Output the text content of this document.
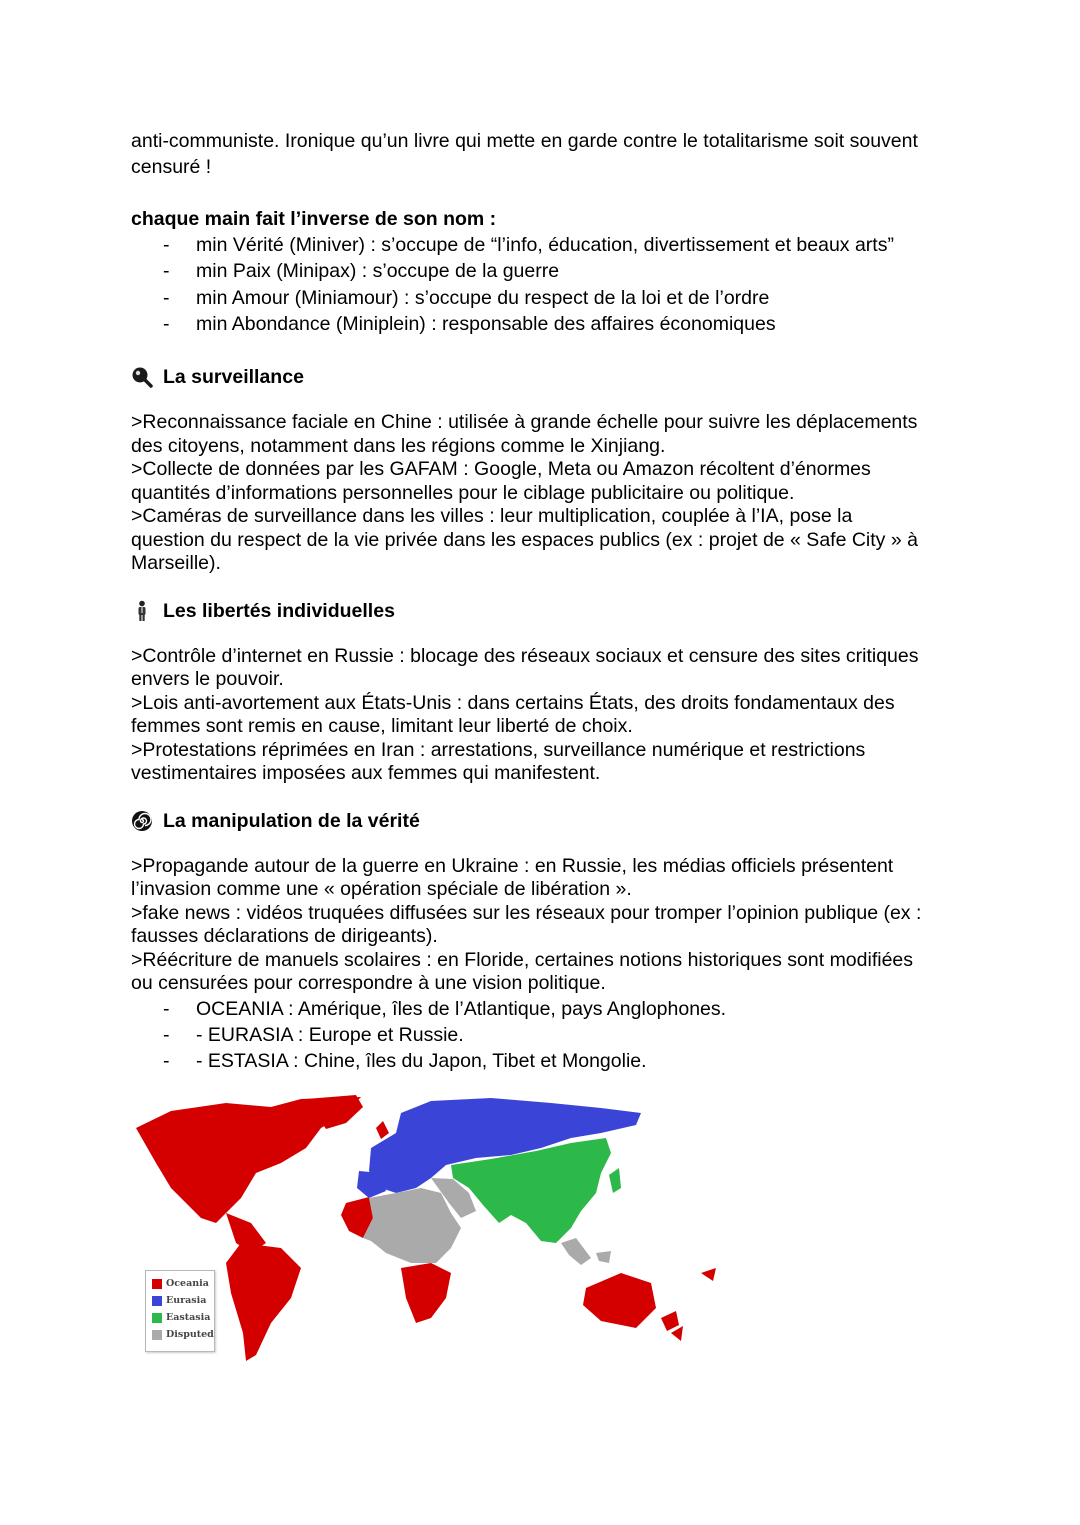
anti-communiste. Ironique qu’un livre qui mette en garde contre le totalitarisme soit souvent

censuré !

chaque main fait l’inverse de son nom :

- min Vérité (Miniver) : s’occupe de “l’info, éducation, divertissement et beaux arts”
- min Paix (Minipax) : s’occupe de la guerre
- min Amour (Miniamour) : s’occupe du respect de la loi et de l’ordre
- min Abondance (Miniplein) : responsable des affaires économiques
La surveillance

>Reconnaissance faciale en Chine : utilisée à grande échelle pour suivre les déplacements

des citoyens, notamment dans les régions comme le Xinjiang.

>Collecte de données par les GAFAM : Google, Meta ou Amazon récoltent d’énormes

quantités d’informations personnelles pour le ciblage publicitaire ou politique.

>Caméras de surveillance dans les villes : leur multiplication, couplée à l’IA, pose la

question du respect de la vie privée dans les espaces publics (ex : projet de « Safe City » à

Marseille).

Les libertés individuelles

>Contrôle d’internet en Russie : blocage des réseaux sociaux et censure des sites critiques

envers le pouvoir.

>Lois anti-avortement aux États-Unis : dans certains États, des droits fondamentaux des

femmes sont remis en cause, limitant leur liberté de choix.

>Protestations réprimées en Iran : arrestations, surveillance numérique et restrictions

vestimentaires imposées aux femmes qui manifestent.

La manipulation de la vérité

>Propagande autour de la guerre en Ukraine : en Russie, les médias officiels présentent

l’invasion comme une « opération spéciale de libération ».

>fake news : vidéos truquées diffusées sur les réseaux pour tromper l’opinion publique (ex :

fausses déclarations de dirigeants).

>Réécriture de manuels scolaires : en Floride, certaines notions historiques sont modifiées

ou censurées pour correspondre à une vision politique.

- OCEANIA : Amérique, îles de l’Atlantique, pays Anglophones.
- - EURASIA : Europe et Russie.
- - ESTASIA : Chine, îles du Japon, Tibet et Mongolie.
Oceania
Eurasia
Eastasia
Disputed
